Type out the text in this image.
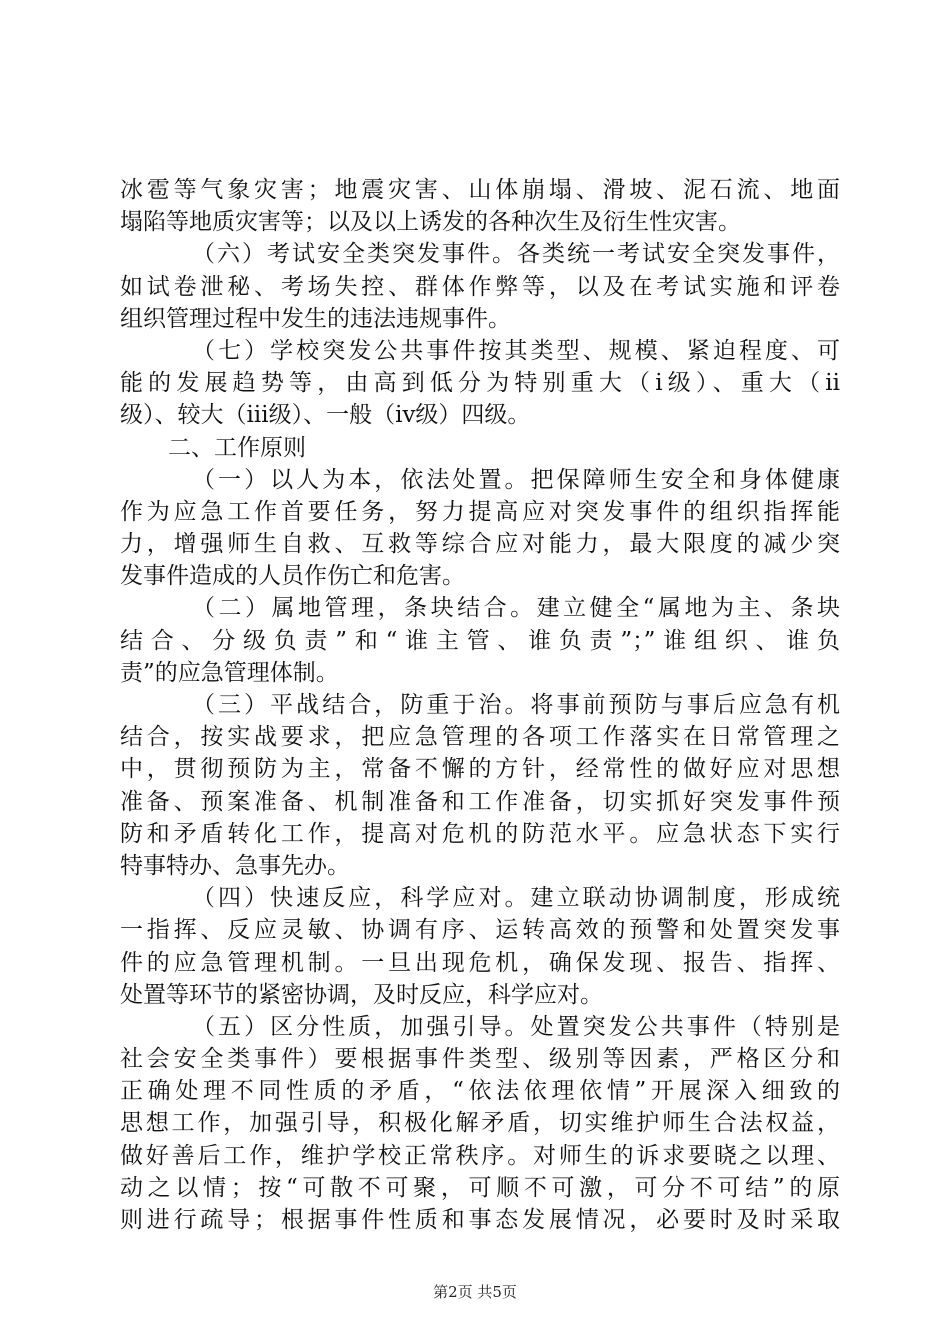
冰雹等气象灾害；地震灾害、山体崩塌、滑坡、泥石流、地面
塌陷等地质灾害等；以及以上诱发的各种次生及衍生性灾害。
（六）考试安全类突发事件。各类统一考试安全突发事件，
如试卷泄秘、考场失控、群体作弊等，以及在考试实施和评卷
组织管理过程中发生的违法违规事件。
（七）学校突发公共事件按其类型、规模、紧迫程度、可
能的发展趋势等，由高到低分为特别重大（ⅰ级）、重大（ⅱ
级）、较大（ⅲ级）、一般（ⅳ级）四级。
二、工作原则
（一）以人为本，依法处置。把保障师生安全和身体健康
作为应急工作首要任务，努力提高应对突发事件的组织指挥能
力，增强师生自救、互救等综合应对能力，最大限度的减少突
发事件造成的人员作伤亡和危害。
（二）属地管理，条块结合。建立健全“属地为主、条块
结合、分级负责”和“谁主管、谁负责”；”谁组织、谁负
责”的应急管理体制。
（三）平战结合，防重于治。将事前预防与事后应急有机
结合，按实战要求，把应急管理的各项工作落实在日常管理之
中，贯彻预防为主，常备不懈的方针，经常性的做好应对思想
准备、预案准备、机制准备和工作准备，切实抓好突发事件预
防和矛盾转化工作，提高对危机的防范水平。应急状态下实行
特事特办、急事先办。
（四）快速反应，科学应对。建立联动协调制度，形成统
一指挥、反应灵敏、协调有序、运转高效的预警和处置突发事
件的应急管理机制。一旦出现危机，确保发现、报告、指挥、
处置等环节的紧密协调，及时反应，科学应对。
（五）区分性质，加强引导。处置突发公共事件（特别是
社会安全类事件）要根据事件类型、级别等因素，严格区分和
正确处理不同性质的矛盾，“依法依理依情”开展深入细致的
思想工作，加强引导，积极化解矛盾，切实维护师生合法权益，
做好善后工作，维护学校正常秩序。对师生的诉求要晓之以理、
动之以情；按“可散不可聚，可顺不可激，可分不可结”的原
则进行疏导；根据事件性质和事态发展情况，必要时及时采取
第2页 共5页
